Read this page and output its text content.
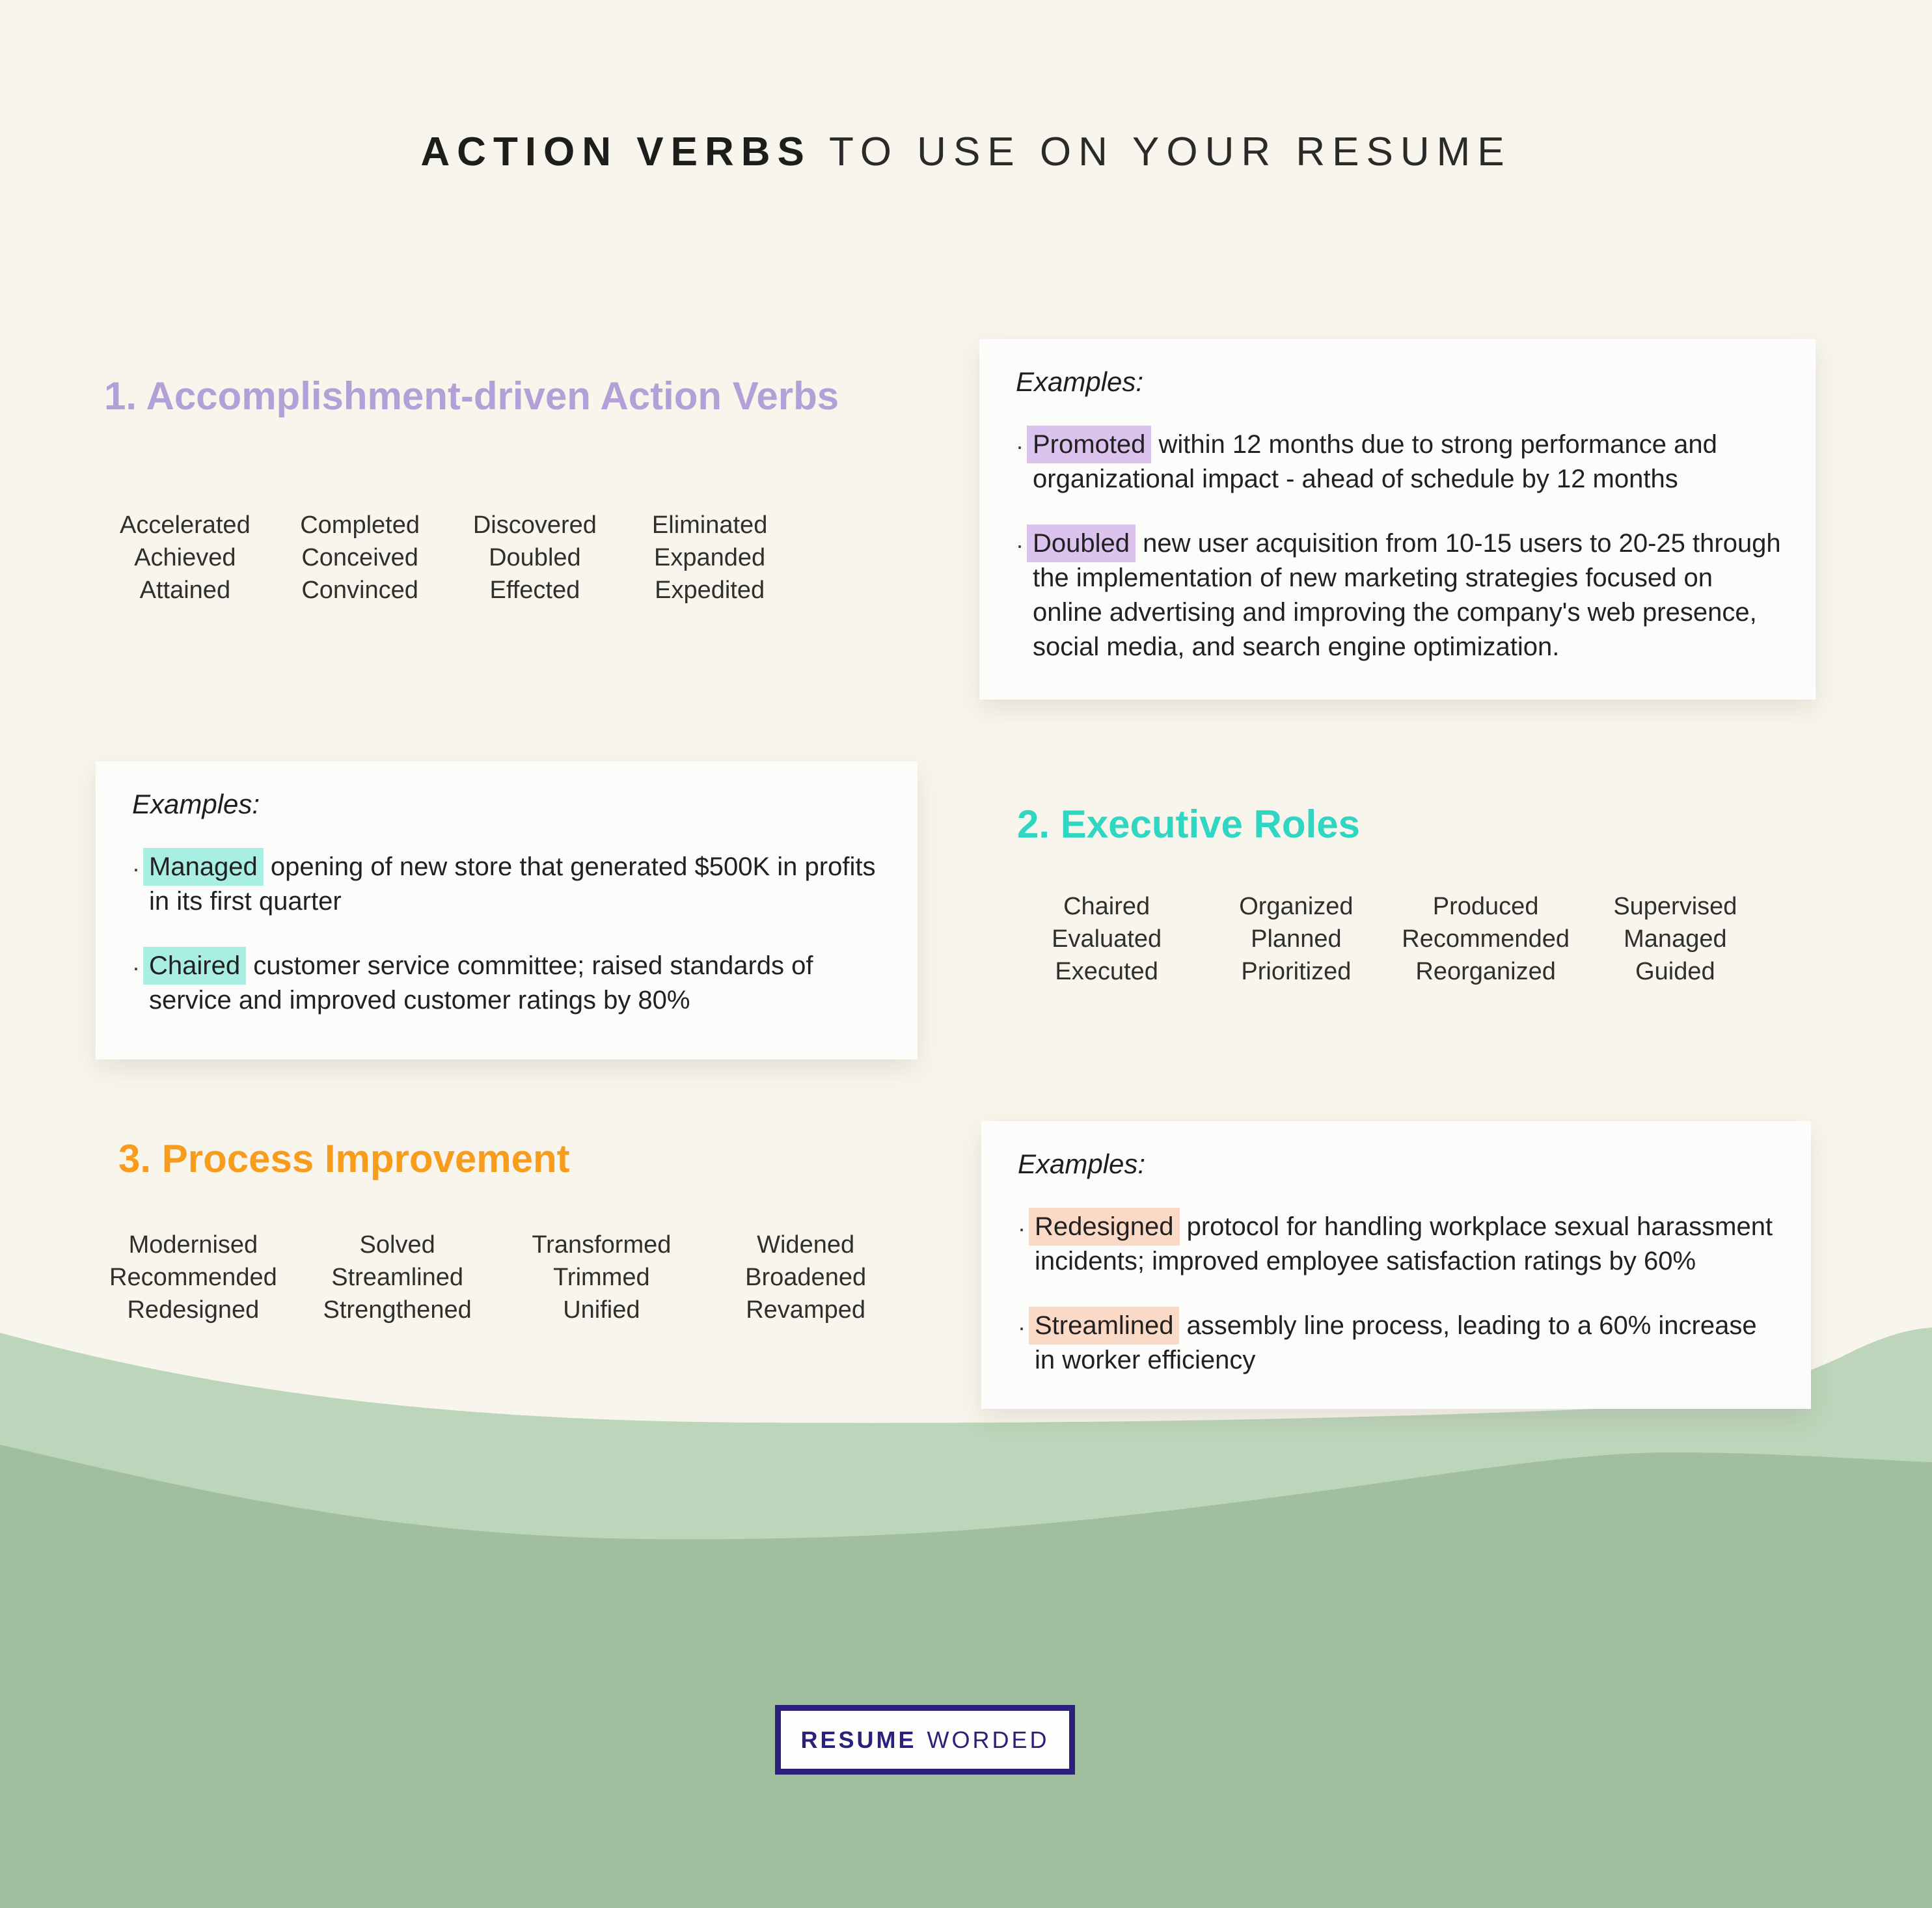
ACTION VERBS TO USE ON YOUR RESUME
1. Accomplishment-driven Action Verbs
Accelerated
Achieved
Attained
Completed
Conceived
Convinced
Discovered
Doubled
Effected
Eliminated
Expanded
Expedited
Examples:
· Promoted within 12 months due to strong performance and organizational impact - ahead of schedule by 12 months
· Doubled new user acquisition from 10-15 users to 20-25 through the implementation of new marketing strategies focused on online advertising and improving the company's web presence, social media, and search engine optimization.
Examples:
· Managed opening of new store that generated $500K in profits in its first quarter
· Chaired customer service committee; raised standards of service and improved customer ratings by 80%
2. Executive Roles
Chaired
Evaluated
Executed
Organized
Planned
Prioritized
Produced
Recommended
Reorganized
Supervised
Managed
Guided
3. Process Improvement
Modernised
Recommended
Redesigned
Solved
Streamlined
Strengthened
Transformed
Trimmed
Unified
Widened
Broadened
Revamped
Examples:
· Redesigned protocol for handling workplace sexual harassment incidents; improved employee satisfaction ratings by 60%
· Streamlined assembly line process, leading to a 60% increase in worker efficiency
RESUME WORDED
